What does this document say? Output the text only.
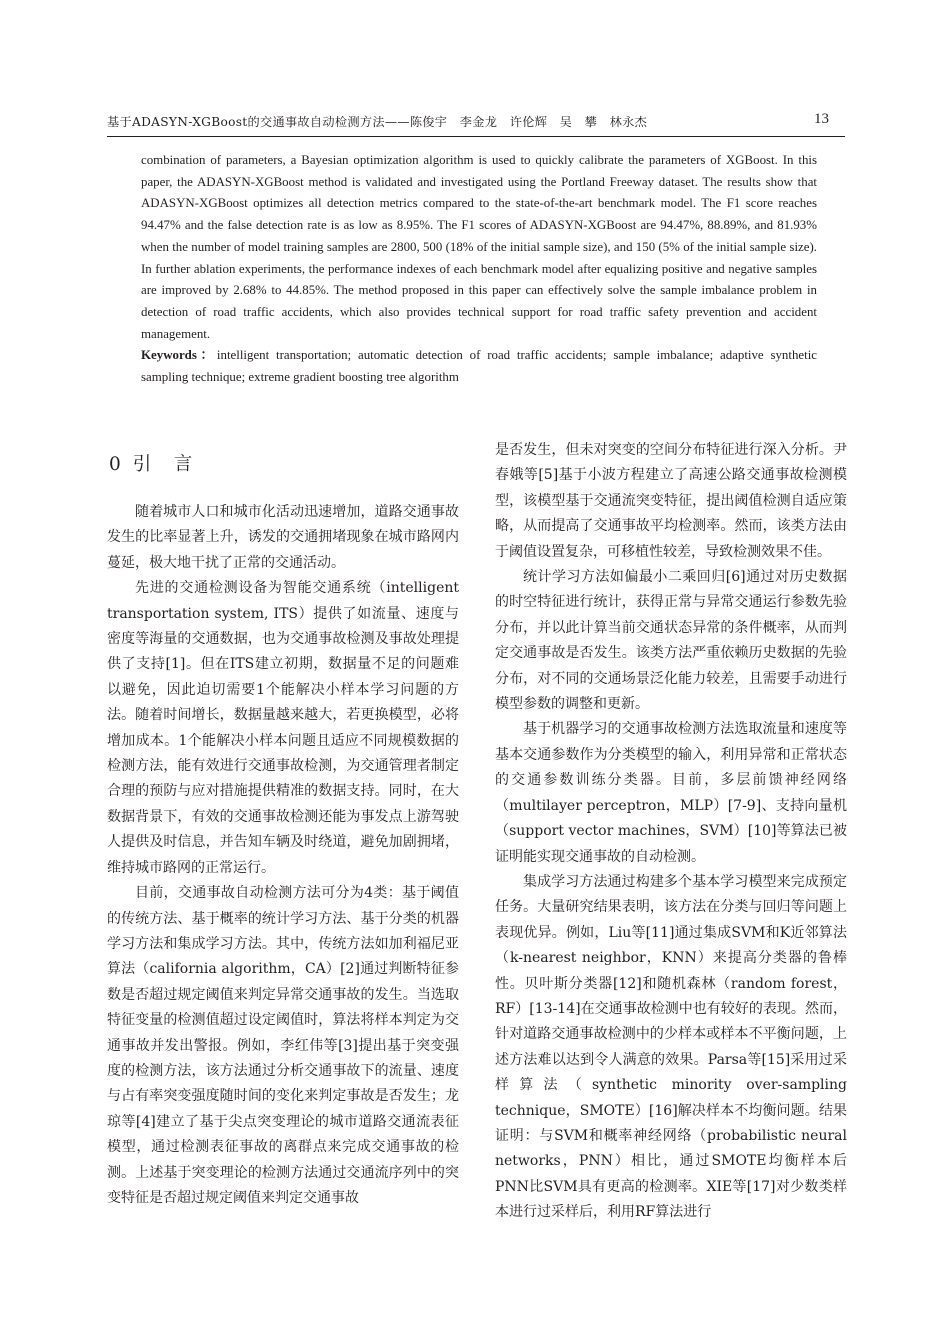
基于ADASYN-XGBoost的交通事故自动检测方法——陈俊宇　李金龙　许伦辉　吴　攀　林永杰	13

combination of parameters, a Bayesian optimization algorithm is used to quickly calibrate the parameters of XGBoost. In this paper, the ADASYN-XGBoost method is validated and investigated using the Portland Freeway dataset. The results show that ADASYN-XGBoost optimizes all detection metrics compared to the state-of-the-art benchmark model. The F1 score reaches 94.47% and the false detection rate is as low as 8.95%. The F1 scores of ADASYN-XGBoost are 94.47%, 88.89%, and 81.93% when the number of model training samples are 2800, 500 (18% of the initial sample size), and 150 (5% of the initial sample size). In further ablation experiments, the performance indexes of each benchmark model after equalizing positive and negative samples are improved by 2.68% to 44.85%. The method proposed in this paper can effectively solve the sample imbalance problem in detection of road traffic accidents, which also provides technical support for road traffic safety prevention and accident management.

Keywords：intelligent transportation; automatic detection of road traffic accidents; sample imbalance; adaptive synthetic sampling technique; extreme gradient boosting tree algorithm

0 引　言

随着城市人口和城市化活动迅速增加，道路交通事故发生的比率显著上升，诱发的交通拥堵现象在城市路网内蔓延，极大地干扰了正常的交通活动。

先进的交通检测设备为智能交通系统（intelligent transportation system, ITS）提供了如流量、速度与密度等海量的交通数据，也为交通事故检测及事故处理提供了支持[1]。但在ITS建立初期，数据量不足的问题难以避免，因此迫切需要1个能解决小样本学习问题的方法。随着时间增长，数据量越来越大，若更换模型，必将增加成本。1个能解决小样本问题且适应不同规模数据的检测方法，能有效进行交通事故检测，为交通管理者制定合理的预防与应对措施提供精准的数据支持。同时，在大数据背景下，有效的交通事故检测还能为事发点上游驾驶人提供及时信息，并告知车辆及时绕道，避免加剧拥堵，维持城市路网的正常运行。

目前，交通事故自动检测方法可分为4类：基于阈值的传统方法、基于概率的统计学习方法、基于分类的机器学习方法和集成学习方法。其中，传统方法如加利福尼亚算法（california algorithm，CA）[2]通过判断特征参数是否超过规定阈值来判定异常交通事故的发生。当选取特征变量的检测值超过设定阈值时，算法将样本判定为交通事故并发出警报。例如，李红伟等[3]提出基于突变强度的检测方法，该方法通过分析交通事故下的流量、速度与占有率突变强度随时间的变化来判定事故是否发生；龙琼等[4]建立了基于尖点突变理论的城市道路交通流表征模型，通过检测表征事故的离群点来完成交通事故的检测。上述基于突变理论的检测方法通过交通流序列中的突变特征是否超过规定阈值来判定交通事故

是否发生，但未对突变的空间分布特征进行深入分析。尹春娥等[5]基于小波方程建立了高速公路交通事故检测模型，该模型基于交通流突变特征，提出阈值检测自适应策略，从而提高了交通事故平均检测率。然而，该类方法由于阈值设置复杂，可移植性较差，导致检测效果不佳。

统计学习方法如偏最小二乘回归[6]通过对历史数据的时空特征进行统计，获得正常与异常交通运行参数先验分布，并以此计算当前交通状态异常的条件概率，从而判定交通事故是否发生。该类方法严重依赖历史数据的先验分布，对不同的交通场景泛化能力较差，且需要手动进行模型参数的调整和更新。

基于机器学习的交通事故检测方法选取流量和速度等基本交通参数作为分类模型的输入，利用异常和正常状态的交通参数训练分类器。目前，多层前馈神经网络（multilayer perceptron，MLP）[7-9]、支持向量机（support vector machines，SVM）[10]等算法已被证明能实现交通事故的自动检测。

集成学习方法通过构建多个基本学习模型来完成预定任务。大量研究结果表明，该方法在分类与回归等问题上表现优异。例如，Liu等[11]通过集成SVM和K近邻算法（k-nearest neighbor，KNN）来提高分类器的鲁棒性。贝叶斯分类器[12]和随机森林（random forest，RF）[13-14]在交通事故检测中也有较好的表现。然而，针对道路交通事故检测中的少样本或样本不平衡问题，上述方法难以达到令人满意的效果。Parsa等[15]采用过采样算法（synthetic minority over-sampling technique，SMOTE）[16]解决样本不均衡问题。结果证明：与SVM和概率神经网络（probabilistic neural networks，PNN）相比，通过SMOTE均衡样本后PNN比SVM具有更高的检测率。XIE等[17]对少数类样本进行过采样后，利用RF算法进行
